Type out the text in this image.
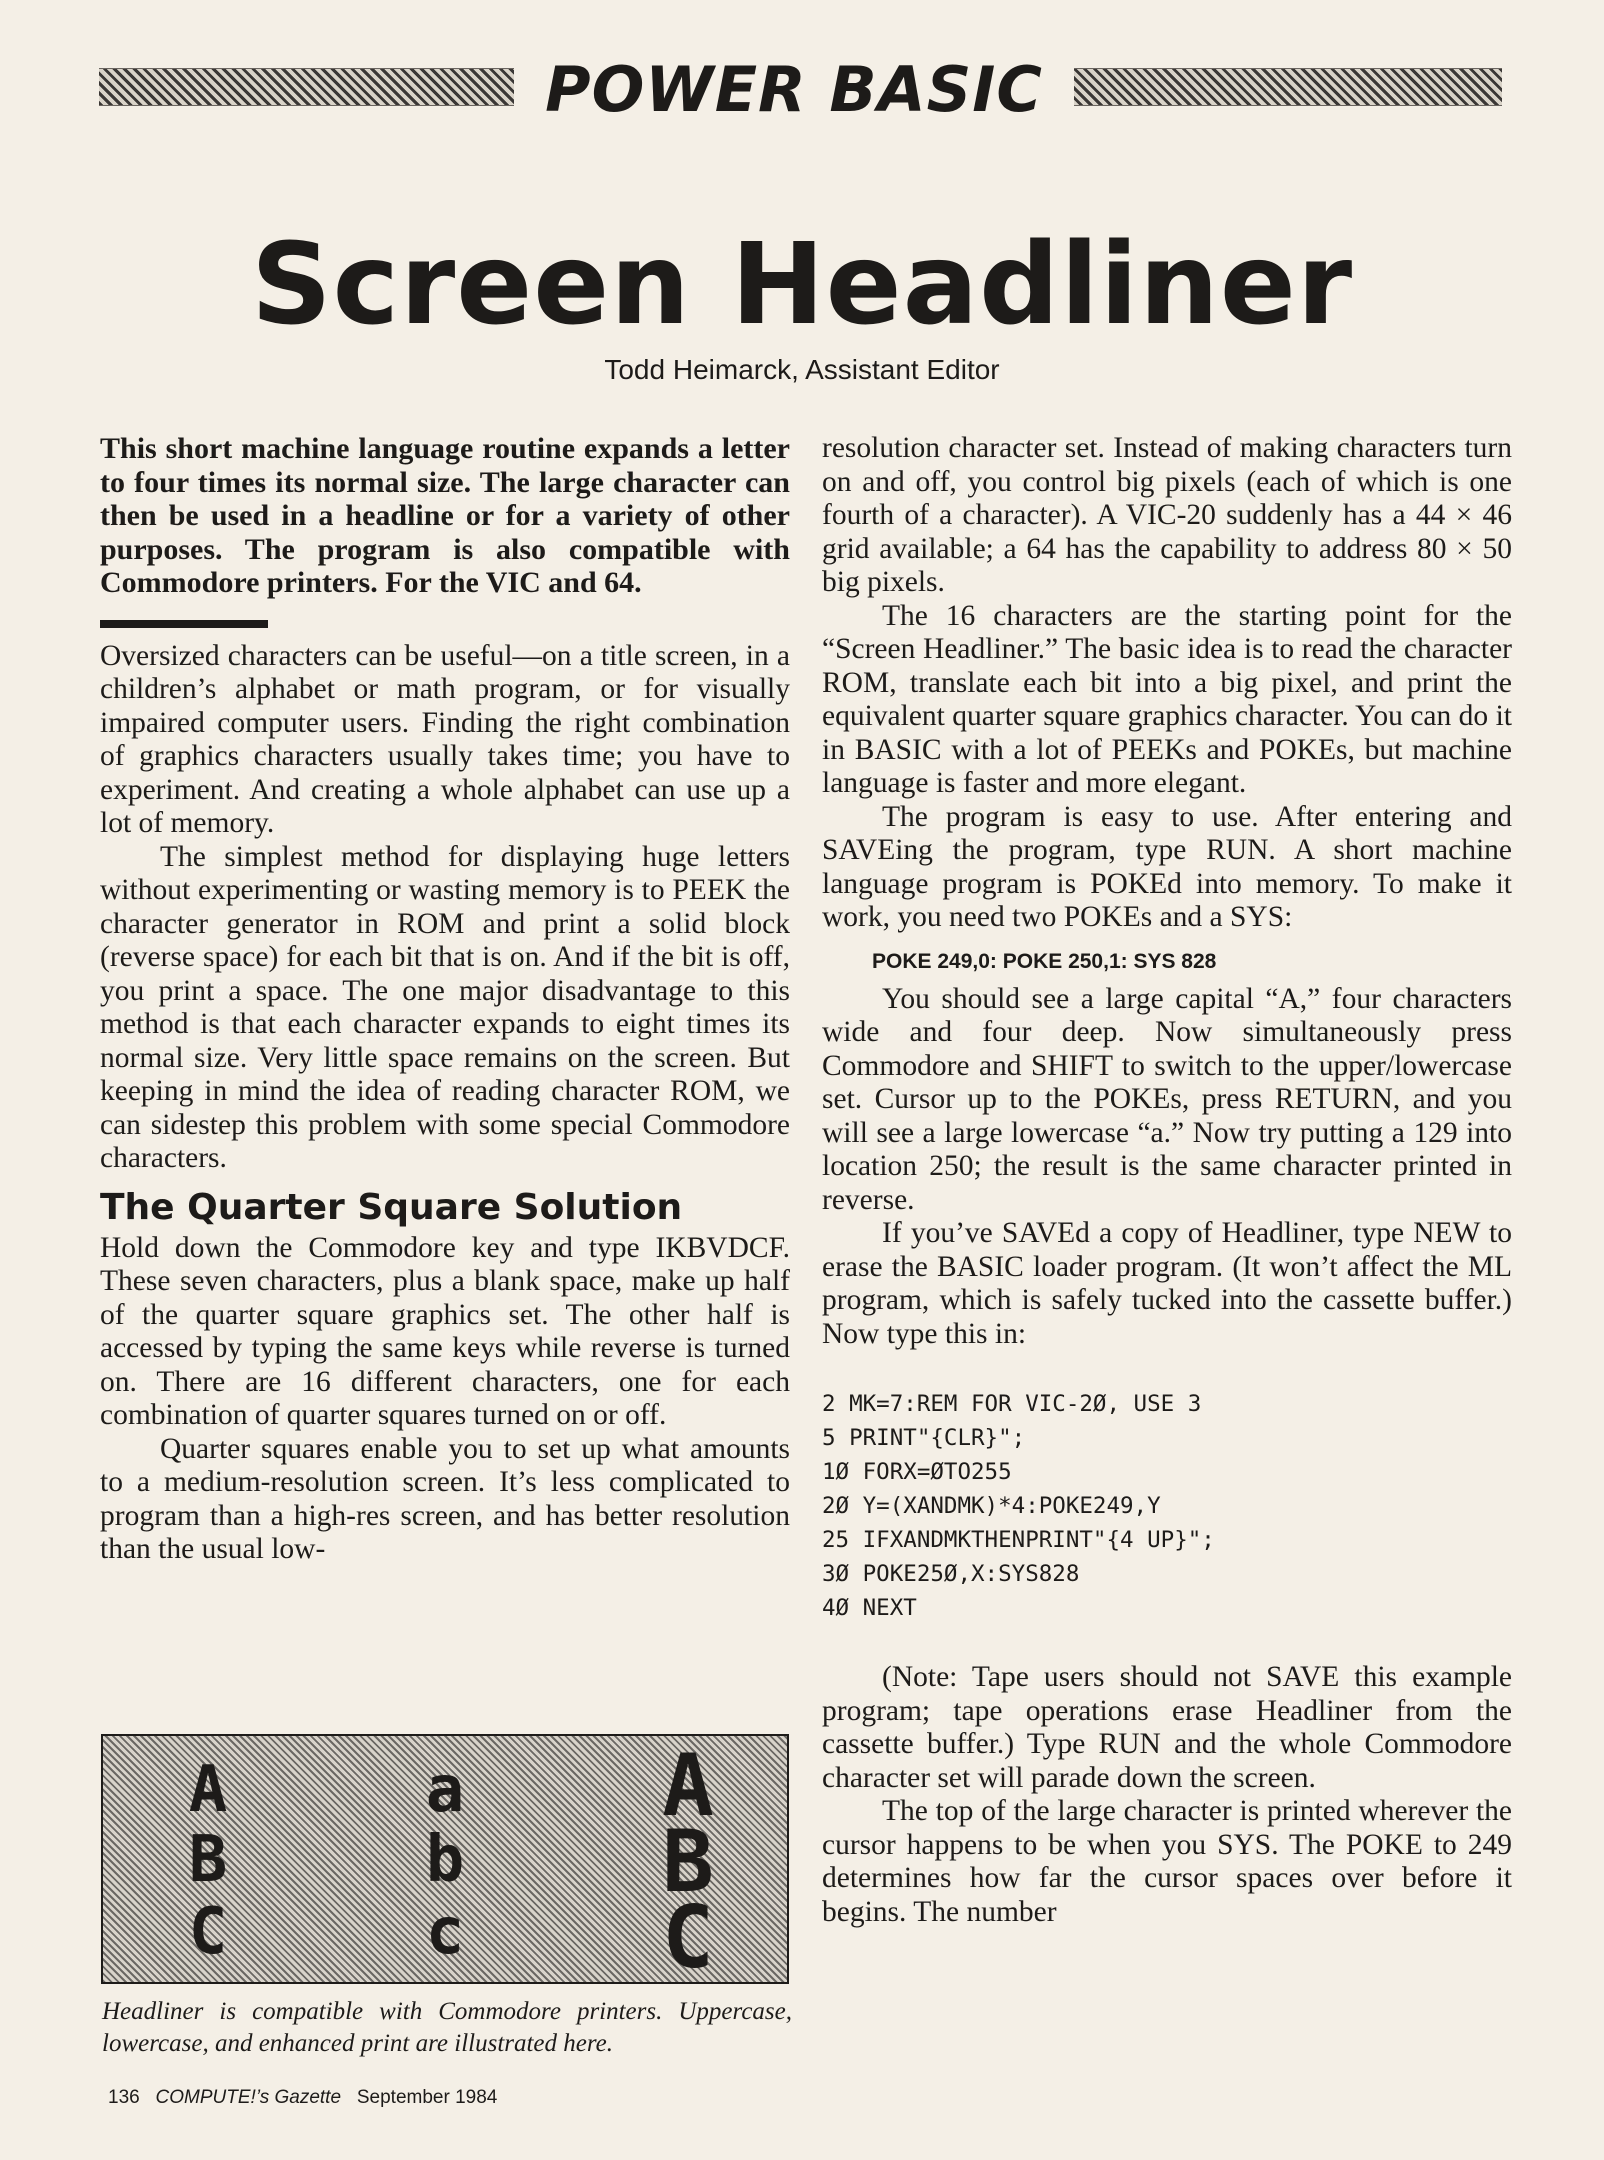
POWER BASIC
Screen Headliner
Todd Heimarck, Assistant Editor

This short machine language routine expands a letter to four times its normal size. The large character can then be used in a headline or for a variety of other purposes. The program is also compatible with Commodore printers. For the VIC and 64.

Oversized characters can be useful—on a title screen, in a children’s alphabet or math program, or for visually impaired computer users. Finding the right combination of graphics characters usually takes time; you have to experiment. And creating a whole alphabet can use up a lot of memory.

The simplest method for displaying huge letters without experimenting or wasting memory is to PEEK the character generator in ROM and print a solid block (reverse space) for each bit that is on. And if the bit is off, you print a space. The one major disadvantage to this method is that each character expands to eight times its normal size. Very little space remains on the screen. But keeping in mind the idea of reading character ROM, we can sidestep this problem with some special Commodore characters.

The Quarter Square Solution

Hold down the Commodore key and type IKBVDCF. These seven characters, plus a blank space, make up half of the quarter square graphics set. The other half is accessed by typing the same keys while reverse is turned on. There are 16 different characters, one for each combination of quarter squares turned on or off.

Quarter squares enable you to set up what amounts to a medium-resolution screen. It’s less complicated to program than a high-res screen, and has better resolution than the usual low-

resolution character set. Instead of making characters turn on and off, you control big pixels (each of which is one fourth of a character). A VIC-20 suddenly has a 44 × 46 grid available; a 64 has the capability to address 80 × 50 big pixels.

The 16 characters are the starting point for the “Screen Headliner.” The basic idea is to read the character ROM, translate each bit into a big pixel, and print the equivalent quarter square graphics character. You can do it in BASIC with a lot of PEEKs and POKEs, but machine language is faster and more elegant.

The program is easy to use. After entering and SAVEing the program, type RUN. A short machine language program is POKEd into memory. To make it work, you need two POKEs and a SYS:

POKE 249,0: POKE 250,1: SYS 828

You should see a large capital “A,” four characters wide and four deep. Now simultaneously press Commodore and SHIFT to switch to the upper/lowercase set. Cursor up to the POKEs, press RETURN, and you will see a large lowercase “a.” Now try putting a 129 into location 250; the result is the same character printed in reverse.

If you’ve SAVEd a copy of Headliner, type NEW to erase the BASIC loader program. (It won’t affect the ML program, which is safely tucked into the cassette buffer.) Now type this in:

2 MK=7:REM FOR VIC-2Ø, USE 3
5 PRINT"{CLR}";
1Ø FORX=ØTO255
2Ø Y=(XANDMK)*4:POKE249,Y
25 IFXANDMKTHENPRINT"{4 UP}";
3Ø POKE25Ø,X:SYS828
4Ø NEXT

(Note: Tape users should not SAVE this example program; tape operations erase Headliner from the cassette buffer.) Type RUN and the whole Commodore character set will parade down the screen.

The top of the large character is printed wherever the cursor happens to be when you SYS. The POKE to 249 determines how far the cursor spaces over before it begins. The number

A
B
C
a
b
c
A
B
C
Headliner is compatible with Commodore printers. Uppercase, lowercase, and enhanced print are illustrated here.
136 COMPUTE!’s Gazette September 1984
